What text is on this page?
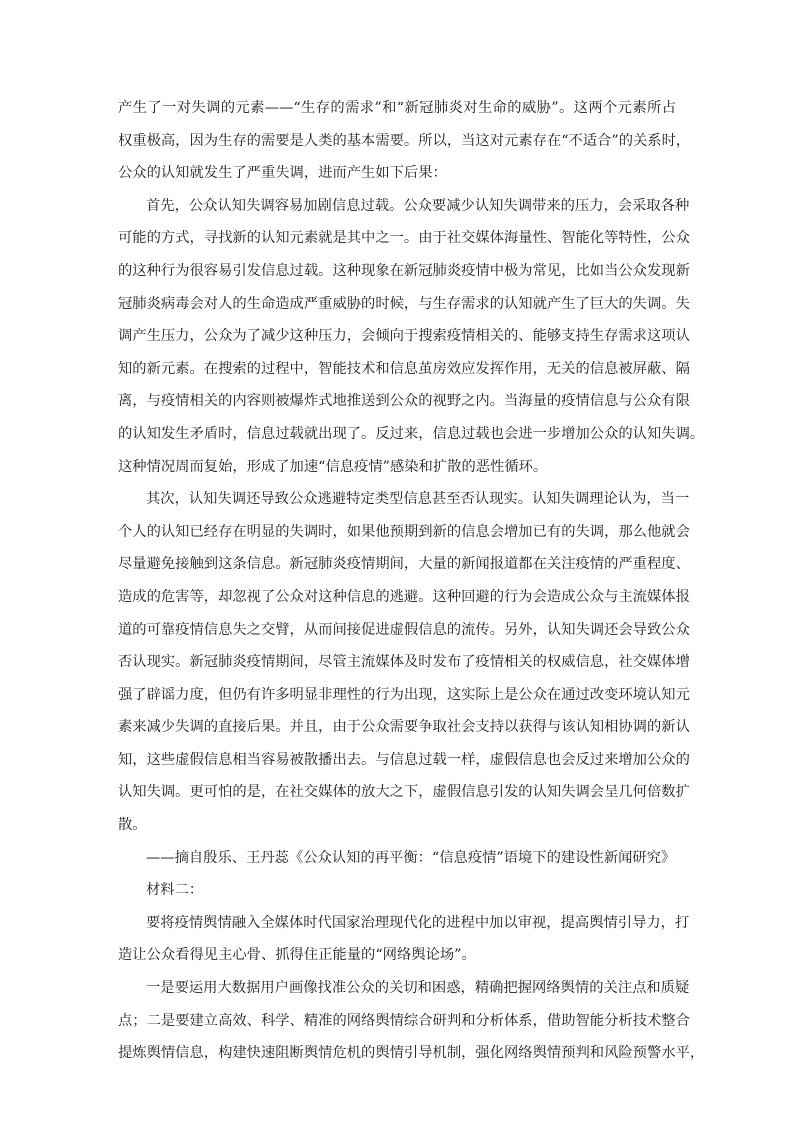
产生了一对失调的元素——“生存的需求”和“新冠肺炎对生命的威胁”。这两个元素所占
权重极高，因为生存的需要是人类的基本需要。所以，当这对元素存在“不适合”的关系时，
公众的认知就发生了严重失调，进而产生如下后果：
首先，公众认知失调容易加剧信息过载。公众要减少认知失调带来的压力，会采取各种
可能的方式，寻找新的认知元素就是其中之一。由于社交媒体海量性、智能化等特性，公众
的这种行为很容易引发信息过载。这种现象在新冠肺炎疫情中极为常见，比如当公众发现新
冠肺炎病毒会对人的生命造成严重威胁的时候，与生存需求的认知就产生了巨大的失调。失
调产生压力，公众为了减少这种压力，会倾向于搜索疫情相关的、能够支持生存需求这项认
知的新元素。在搜索的过程中，智能技术和信息茧房效应发挥作用，无关的信息被屏蔽、隔
离，与疫情相关的内容则被爆炸式地推送到公众的视野之内。当海量的疫情信息与公众有限
的认知发生矛盾时，信息过载就出现了。反过来，信息过载也会进一步增加公众的认知失调。
这种情况周而复始，形成了加速“信息疫情”感染和扩散的恶性循环。
其次，认知失调还导致公众逃避特定类型信息甚至否认现实。认知失调理论认为，当一
个人的认知已经存在明显的失调时，如果他预期到新的信息会增加已有的失调，那么他就会
尽量避免接触到这条信息。新冠肺炎疫情期间，大量的新闻报道都在关注疫情的严重程度、
造成的危害等，却忽视了公众对这种信息的逃避。这种回避的行为会造成公众与主流媒体报
道的可靠疫情信息失之交臂，从而间接促进虚假信息的流传。另外，认知失调还会导致公众
否认现实。新冠肺炎疫情期间，尽管主流媒体及时发布了疫情相关的权威信息，社交媒体增
强了辟谣力度，但仍有许多明显非理性的行为出现，这实际上是公众在通过改变环境认知元
素来减少失调的直接后果。并且，由于公众需要争取社会支持以获得与该认知相协调的新认
知，这些虚假信息相当容易被散播出去。与信息过载一样，虚假信息也会反过来增加公众的
认知失调。更可怕的是，在社交媒体的放大之下，虚假信息引发的认知失调会呈几何倍数扩
散。
——摘自殷乐、王丹蕊《公众认知的再平衡：“信息疫情”语境下的建设性新闻研究》
材料二：
要将疫情舆情融入全媒体时代国家治理现代化的进程中加以审视，提高舆情引导力，打
造让公众看得见主心骨、抓得住正能量的“网络舆论场”。
一是要运用大数据用户画像找准公众的关切和困惑，精确把握网络舆情的关注点和质疑
点；二是要建立高效、科学、精准的网络舆情综合研判和分析体系，借助智能分析技术整合
提炼舆情信息，构建快速阻断舆情危机的舆情引导机制，强化网络舆情预判和风险预警水平，
